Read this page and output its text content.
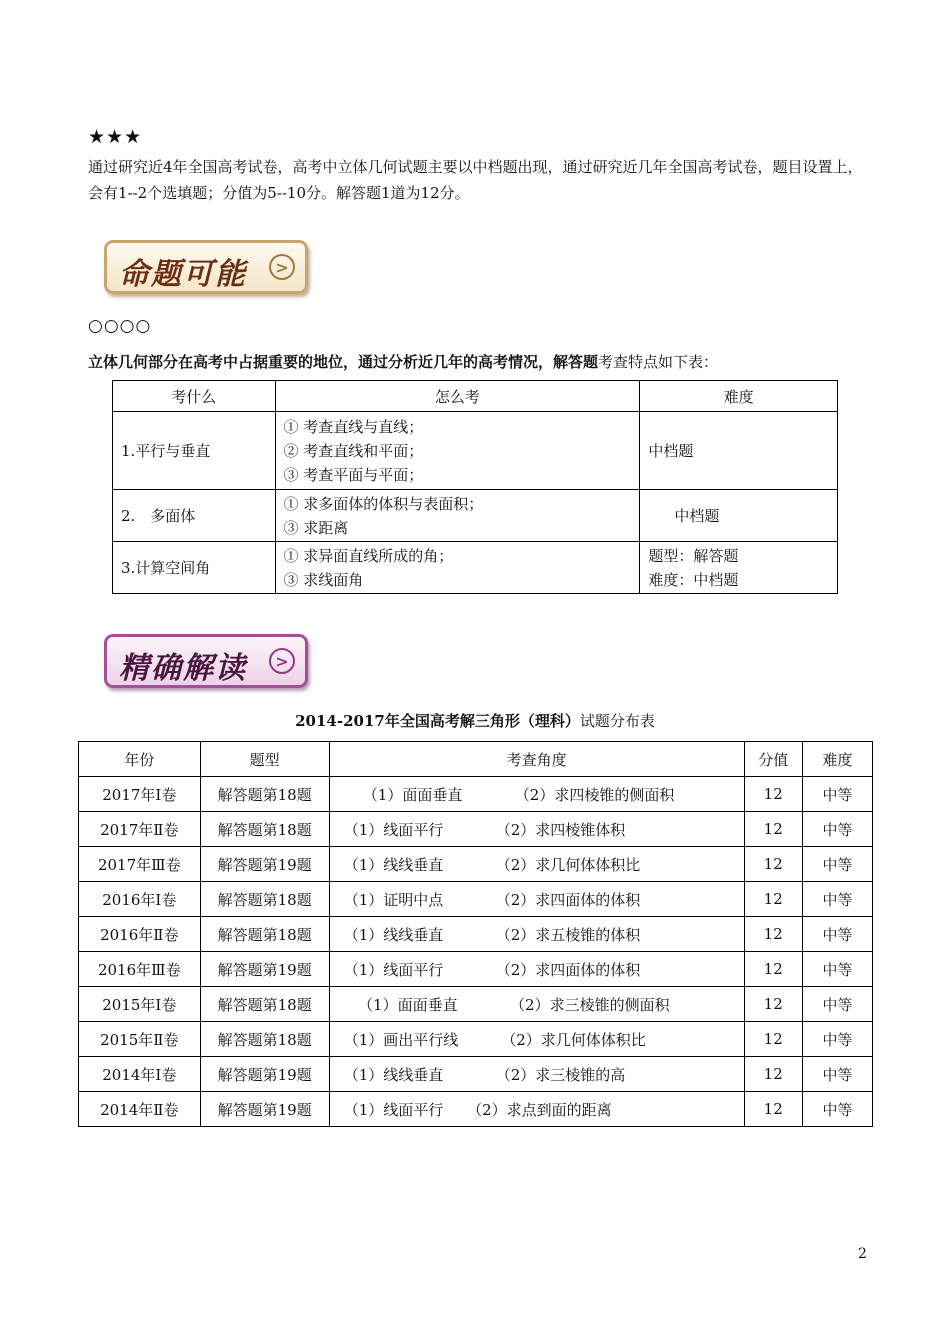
★★★
通过研究近4年全国高考试卷，高考中立体几何试题主要以中档题出现，通过研究近几年全国高考试卷，题目设置上，会有1--2个选填题；分值为5--10分。解答题1道为12分。
命题可能	>
○○○○
立体几何部分在高考中占据重要的地位，通过分析近几年的高考情况，解答题考查特点如下表：
考什么	怎么考	难度
1.平行与垂直	① 考查直线与直线；
② 考查直线和平面；
③ 考查平面与平面；	中档题

2.　多面体	① 求多面体的体积与表面积；
③ 求距离	中档题

3.计算空间角	① 求异面直线所成的角；
③ 求线面角	题型：解答题
难度：中档题
精确解读	>
2014-2017年全国高考解三角形（理科）试题分布表
年份	题型	考查角度	分值	难度
2017年Ⅰ卷	解答题第18题	（1）面面垂直           （2）求四棱锥的侧面积	12	中等
2017年Ⅱ卷	解答题第18题	（1）线面平行           （2）求四棱锥体积	12	中等
2017年Ⅲ卷	解答题第19题	（1）线线垂直           （2）求几何体体积比	12	中等
2016年Ⅰ卷	解答题第18题	（1）证明中点           （2）求四面体的体积	12	中等
2016年Ⅱ卷	解答题第18题	（1）线线垂直           （2）求五棱锥的体积	12	中等
2016年Ⅲ卷	解答题第19题	（1）线面平行           （2）求四面体的体积	12	中等
2015年Ⅰ卷	解答题第18题	（1）面面垂直           （2）求三棱锥的侧面积	12	中等
2015年Ⅱ卷	解答题第18题	（1）画出平行线         （2）求几何体体积比	12	中等
2014年Ⅰ卷	解答题第19题	（1）线线垂直           （2）求三棱锥的高	12	中等
2014年Ⅱ卷	解答题第19题	（1）线面平行     （2）求点到面的距离	12	中等
2
